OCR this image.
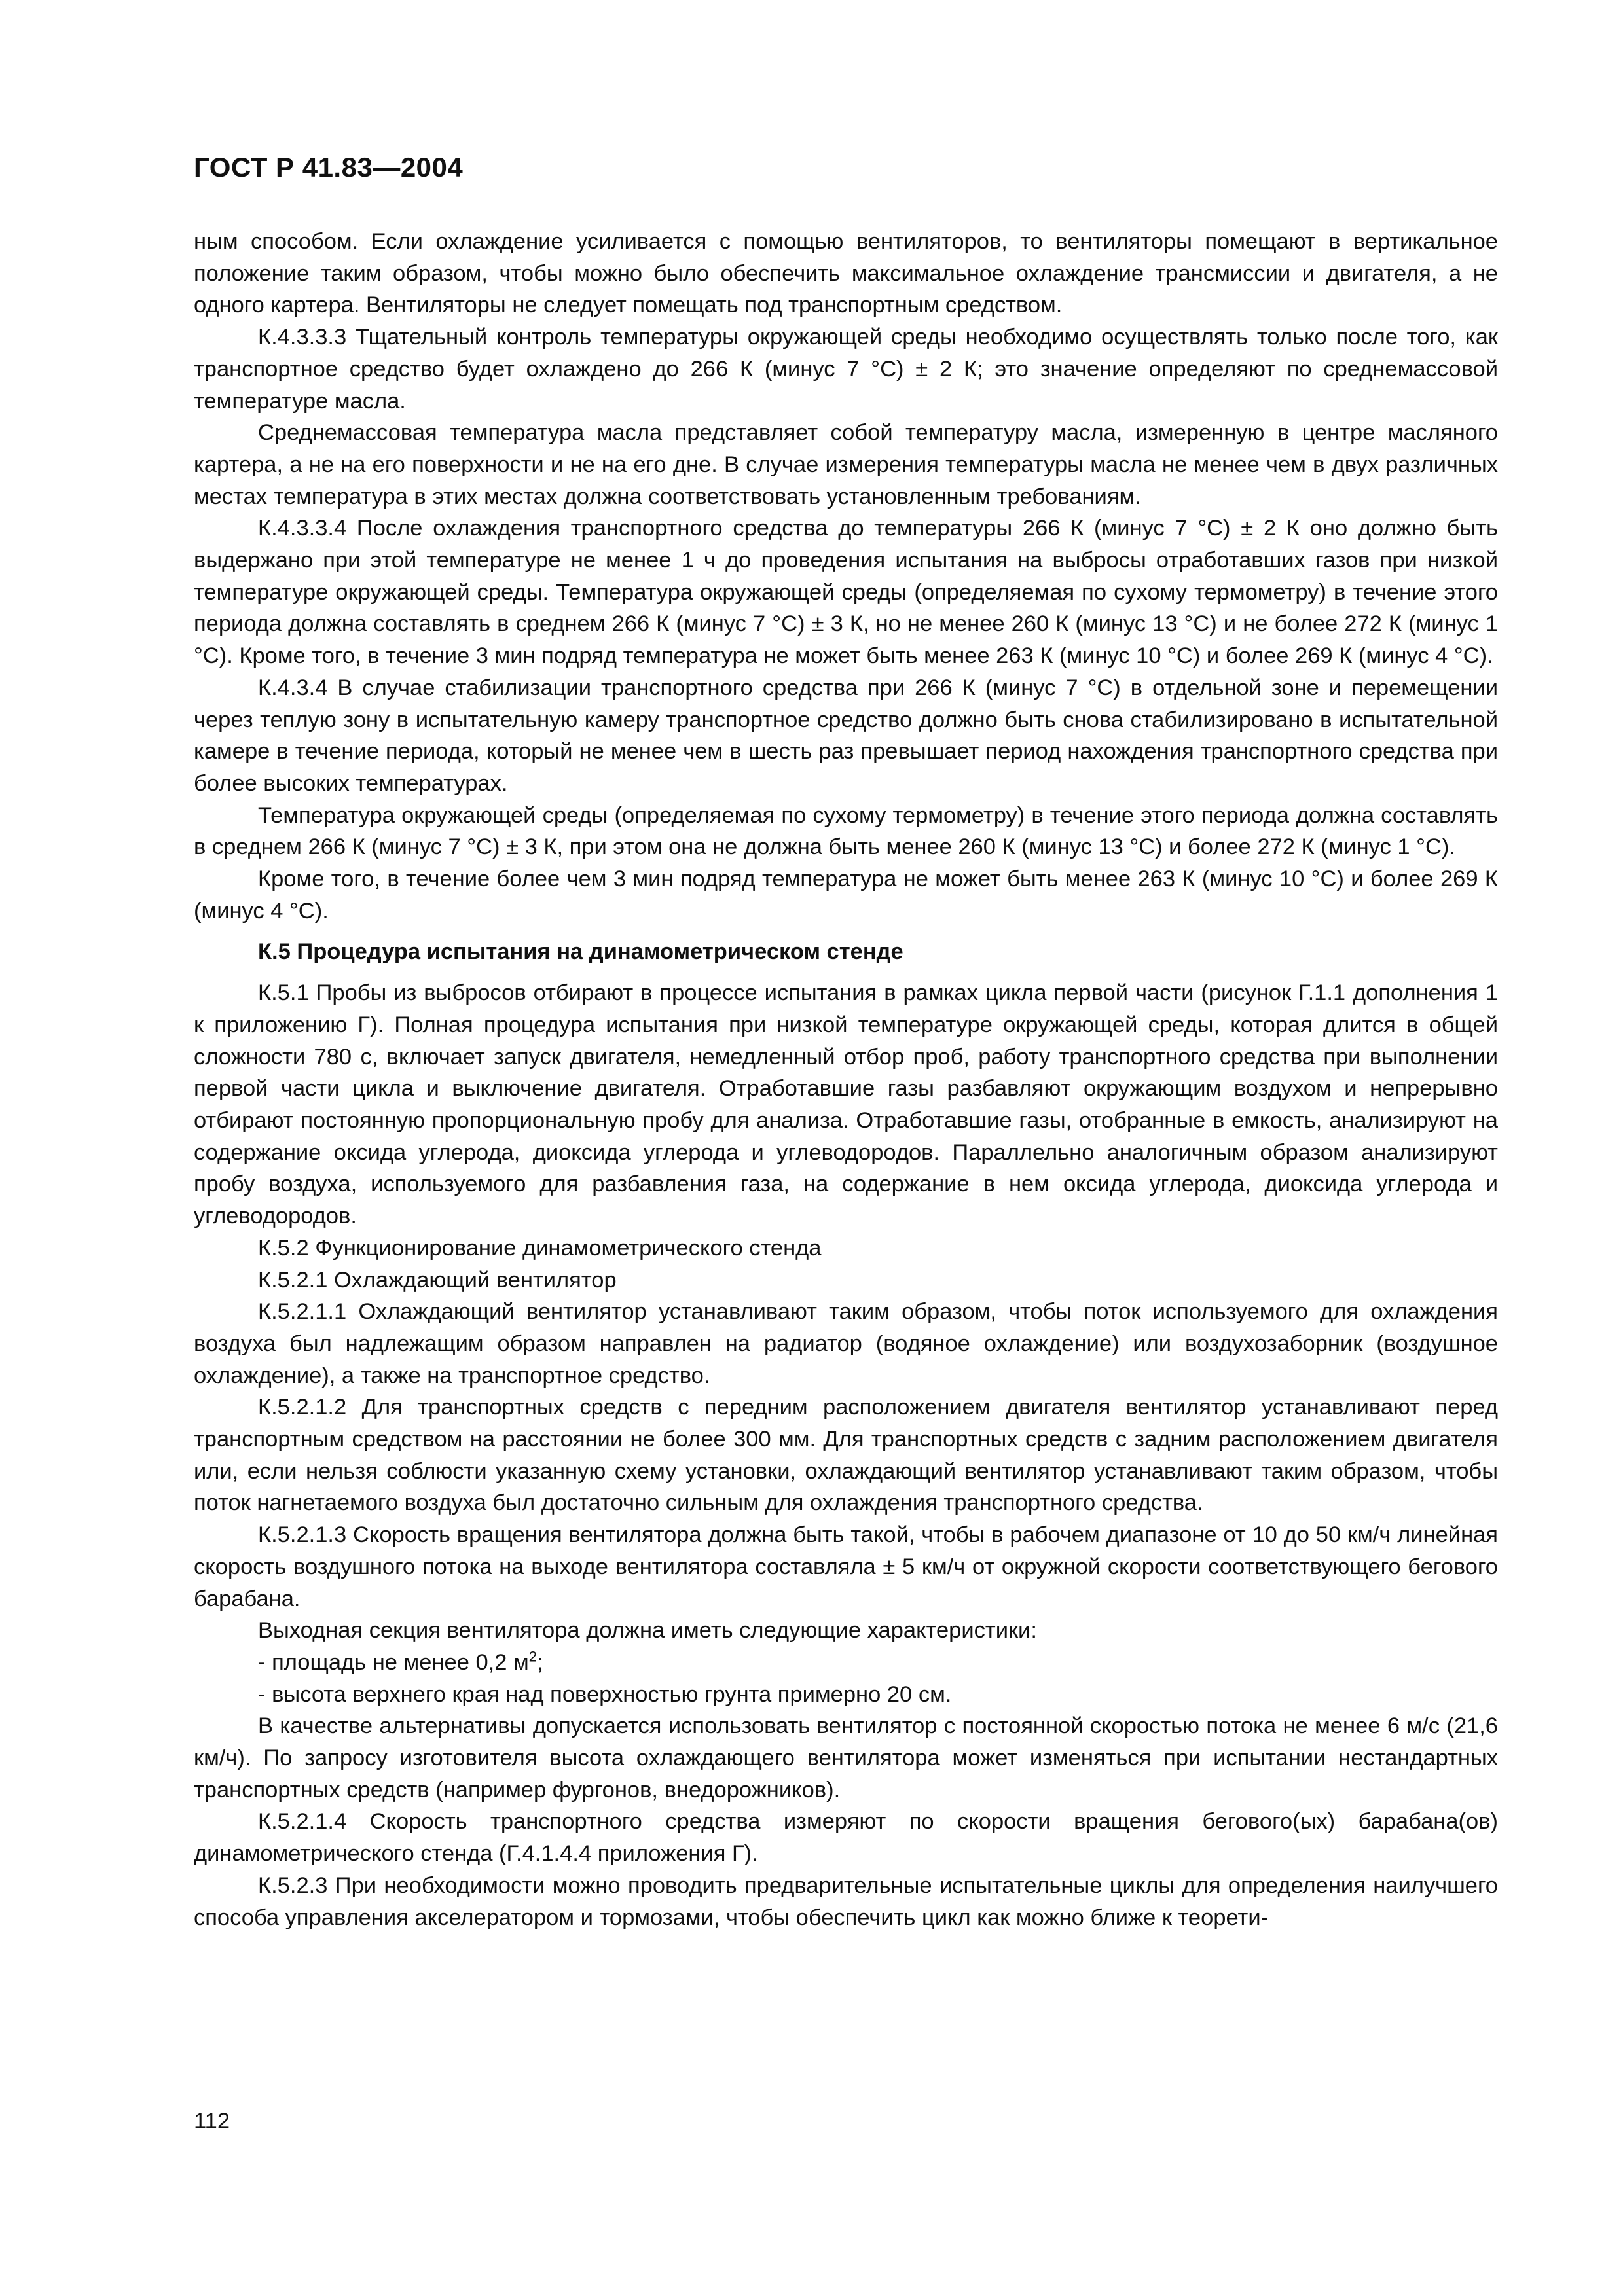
ГОСТ Р 41.83—2004

ным способом. Если охлаждение усиливается с помощью вентиляторов, то вентиляторы помещают в вертикальное положение таким образом, чтобы можно было обеспечить максимальное охлаждение трансмиссии и двигателя, а не одного картера. Вентиляторы не следует помещать под транспортным средством.

К.4.3.3.3 Тщательный контроль температуры окружающей среды необходимо осуществлять только после того, как транспортное средство будет охлаждено до 266 К (минус 7 °С) ± 2 К; это значение определяют по среднемассовой температуре масла.

Среднемассовая температура масла представляет собой температуру масла, измеренную в центре масляного картера, а не на его поверхности и не на его дне. В случае измерения температуры масла не менее чем в двух различных местах температура в этих местах должна соответствовать установленным требованиям.

К.4.3.3.4 После охлаждения транспортного средства до температуры 266 К (минус 7 °С) ± 2 К оно должно быть выдержано при этой температуре не менее 1 ч до проведения испытания на выбросы отработавших газов при низкой температуре окружающей среды. Температура окружающей среды (определяемая по сухому термометру) в течение этого периода должна составлять в среднем 266 К (минус 7 °С) ± 3 К, но не менее 260 К (минус 13 °С) и не более 272 К (минус 1 °С). Кроме того, в течение 3 мин подряд температура не может быть менее 263 К (минус 10 °С) и более 269 К (минус 4 °С).

К.4.3.4 В случае стабилизации транспортного средства при 266 К (минус 7 °С) в отдельной зоне и перемещении через теплую зону в испытательную камеру транспортное средство должно быть снова стабилизировано в испытательной камере в течение периода, который не менее чем в шесть раз превышает период нахождения транспортного средства при более высоких температурах.

Температура окружающей среды (определяемая по сухому термометру) в течение этого периода должна составлять в среднем 266 К (минус 7 °С) ± 3 К, при этом она не должна быть менее 260 К (минус 13 °С) и более 272 К (минус 1 °С).

Кроме того, в течение более чем 3 мин подряд температура не может быть менее 263 К (минус 10 °С) и более 269 К (минус 4 °С).

К.5 Процедура испытания на динамометрическом стенде

К.5.1 Пробы из выбросов отбирают в процессе испытания в рамках цикла первой части (рисунок Г.1.1 дополнения 1 к приложению Г). Полная процедура испытания при низкой температуре окружающей среды, которая длится в общей сложности 780 с, включает запуск двигателя, немедленный отбор проб, работу транспортного средства при выполнении первой части цикла и выключение двигателя. Отработавшие газы разбавляют окружающим воздухом и непрерывно отбирают постоянную пропорциональную пробу для анализа. Отработавшие газы, отобранные в емкость, анализируют на содержание оксида углерода, диоксида углерода и углеводородов. Параллельно аналогичным образом анализируют пробу воздуха, используемого для разбавления газа, на содержание в нем оксида углерода, диоксида углерода и углеводородов.

К.5.2 Функционирование динамометрического стенда

К.5.2.1 Охлаждающий вентилятор

К.5.2.1.1 Охлаждающий вентилятор устанавливают таким образом, чтобы поток используемого для охлаждения воздуха был надлежащим образом направлен на радиатор (водяное охлаждение) или воздухозаборник (воздушное охлаждение), а также на транспортное средство.

К.5.2.1.2 Для транспортных средств с передним расположением двигателя вентилятор устанавливают перед транспортным средством на расстоянии не более 300 мм. Для транспортных средств с задним расположением двигателя или, если нельзя соблюсти указанную схему установки, охлаждающий вентилятор устанавливают таким образом, чтобы поток нагнетаемого воздуха был достаточно сильным для охлаждения транспортного средства.

К.5.2.1.3 Скорость вращения вентилятора должна быть такой, чтобы в рабочем диапазоне от 10 до 50 км/ч линейная скорость воздушного потока на выходе вентилятора составляла ± 5 км/ч от окружной скорости соответствующего бегового барабана.

Выходная секция вентилятора должна иметь следующие характеристики:

- площадь не менее 0,2 $м^2$;

- высота верхнего края над поверхностью грунта примерно 20 см.

В качестве альтернативы допускается использовать вентилятор с постоянной скоростью потока не менее 6 м/с (21,6 км/ч). По запросу изготовителя высота охлаждающего вентилятора может изменяться при испытании нестандартных транспортных средств (например фургонов, внедорожников).

К.5.2.1.4 Скорость транспортного средства измеряют по скорости вращения бегового(ых) барабана(ов) динамометрического стенда (Г.4.1.4.4 приложения Г).

К.5.2.3 При необходимости можно проводить предварительные испытательные циклы для определения наилучшего способа управления акселератором и тормозами, чтобы обеспечить цикл как можно ближе к теорети-

112
